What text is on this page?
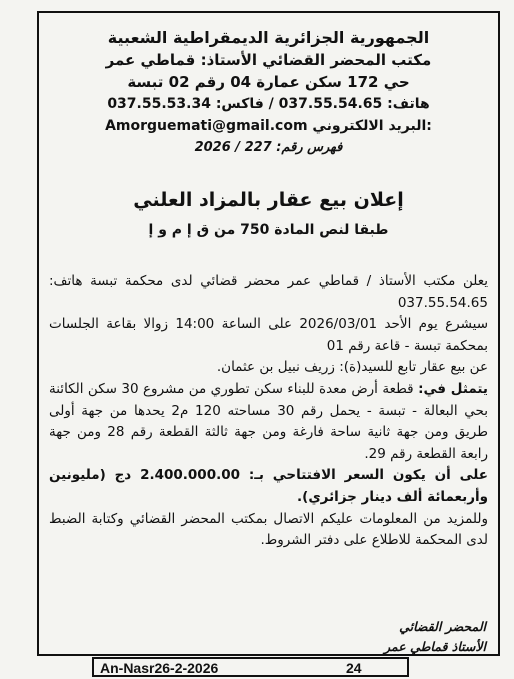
الجمهورية الجزائرية الديمقراطية الشعبية
مكتب المحضر القضائي الأستاذ: قماطي عمر
حي 172 سكن عمارة 04 رقم 02 تبسة
هاتف: 037.55.54.65 / فاكس: 037.55.53.34
Amorguemati@gmail.com البريد الالكتروني:
فهرس رقم: 227 / 2026
إعلان بيع عقار بالمزاد العلني
طبقا لنص المادة 750 من ق إ م و إ

يعلن مكتب الأستاذ / قماطي عمر محضر قضائي لدى محكمة تبسة هاتف: 037.55.54.65

سيشرع يوم الأحد 2026/03/01 على الساعة 14:00 زوالا بقاعة الجلسات بمحكمة تبسة - قاعة رقم 01

عن بيع عقار تابع للسيد(ة): زريف نبيل بن عثمان.

يتمثل في: قطعة أرض معدة للبناء سكن تطوري من مشروع 30 سكن الكائنة بحي البعالة - تبسة - يحمل رقم 30 مساحته 120 م2 يحدها من جهة أولى طريق ومن جهة ثانية ساحة فارغة ومن جهة ثالثة القطعة رقم 28 ومن جهة رابعة القطعة رقم 29.

على أن يكون السعر الافتتاحي بـ: 2.400.000.00 دج (مليونين وأربعمائة ألف دينار جزائري).

وللمزيد من المعلومات عليكم الاتصال بمكتب المحضر القضائي وكتابة الضبط لدى المحكمة للاطلاع على دفتر الشروط.

المحضر القضائي
الأستاذ قماطي عمر
An-Nasr26-2-2026	24
